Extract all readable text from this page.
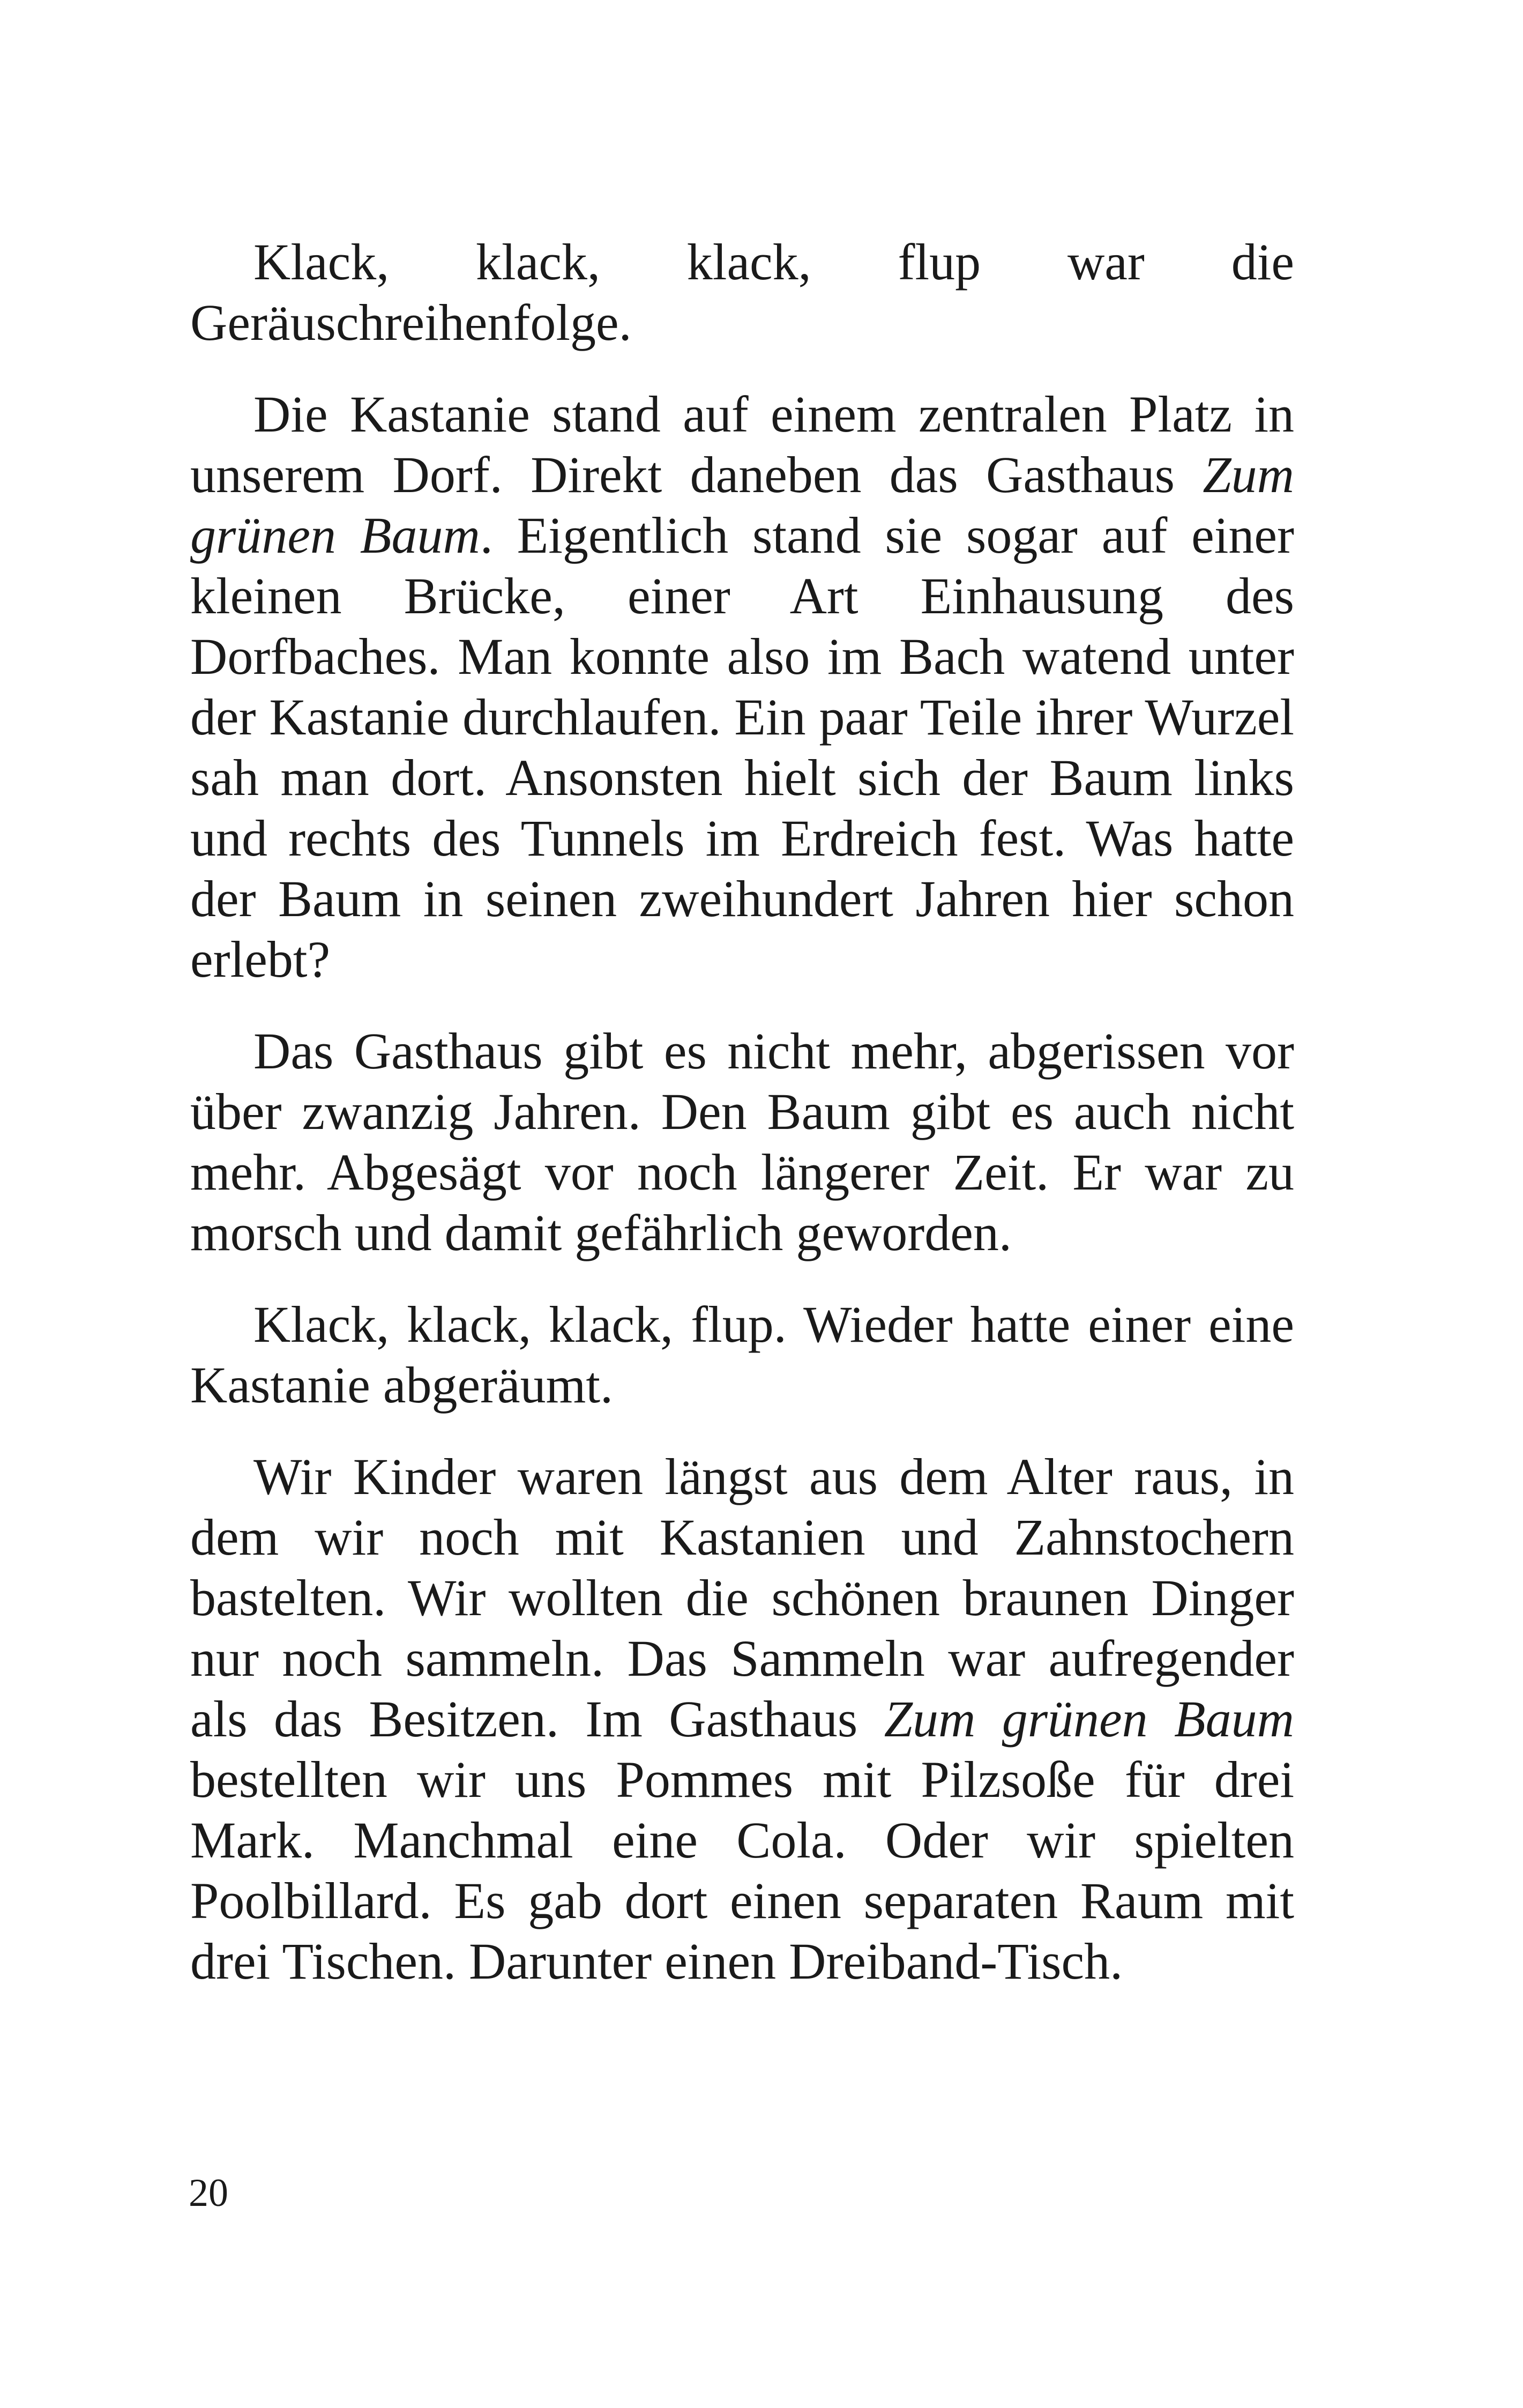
Klack, klack, klack, flup war die Geräuschreihenfolge.

Die Kastanie stand auf einem zentralen Platz in unserem Dorf. Direkt daneben das Gasthaus Zum grünen Baum. Eigentlich stand sie sogar auf einer kleinen Brücke, einer Art Einhausung des Dorfbaches. Man konnte also im Bach watend unter der Kastanie durchlaufen. Ein paar Teile ihrer Wurzel sah man dort. Ansonsten hielt sich der Baum links und rechts des Tunnels im Erdreich fest. Was hatte der Baum in seinen zweihundert Jahren hier schon erlebt?

Das Gasthaus gibt es nicht mehr, abgerissen vor über zwanzig Jahren. Den Baum gibt es auch nicht mehr. Abgesägt vor noch längerer Zeit. Er war zu morsch und damit gefährlich geworden.

Klack, klack, klack, flup. Wieder hatte einer eine Kastanie abgeräumt.

Wir Kinder waren längst aus dem Alter raus, in dem wir noch mit Kastanien und Zahnstochern bastelten. Wir wollten die schönen braunen Dinger nur noch sammeln. Das Sammeln war aufregender als das Besitzen. Im Gasthaus Zum grünen Baum bestellten wir uns Pommes mit Pilzsoße für drei Mark. Manchmal eine Cola. Oder wir spielten Poolbillard. Es gab dort einen separaten Raum mit drei Tischen. Darunter einen Dreiband-Tisch.

20
